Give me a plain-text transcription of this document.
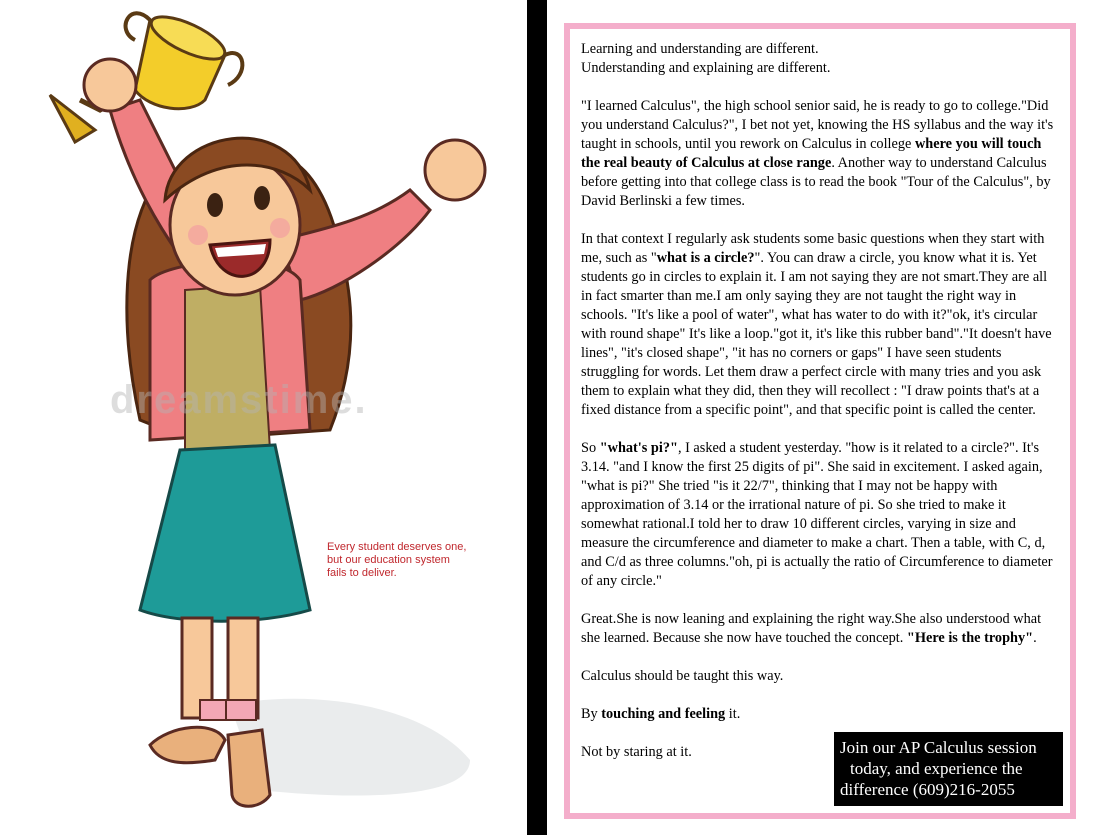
dreamstime.
Every student deserves one, but our education system fails to deliver.

Learning and understanding are different.
Understanding and explaining are different.

"I learned Calculus", the high school senior said, he is ready to go to college."Did you understand Calculus?", I bet not yet, knowing the HS syllabus and the way it's taught in schools, until you rework on Calculus in college where you will touch the real beauty of Calculus at close range. Another way to understand Calculus before getting into that college class is to read the book "Tour of the Calculus", by David Berlinski a few times.

In that context I regularly ask students some basic questions when they start with me, such as "what is a circle?". You can draw a circle, you know what it is. Yet students go in circles to explain it. I am not saying they are not smart.They are all in fact smarter than me.I am only saying they are not taught the right way in schools. "It's like a pool of water", what has water to do with it?"ok, it's circular with round shape" It's like a loop."got it, it's like this rubber band"."It doesn't have lines", "it's closed shape", "it has no corners or gaps" I have seen students struggling for words. Let them draw a perfect circle with many tries and you ask them to explain what they did, then they will recollect : "I draw points that's at a fixed distance from a specific point", and that specific point is called the center.

So "what's pi?", I asked a student yesterday. "how is it related to a circle?". It's 3.14. "and I know the first 25 digits of pi". She said in excitement. I asked again, "what is pi?" She tried "is it 22/7", thinking that I may not be happy with approximation of 3.14 or the irrational nature of pi. So she tried to make it somewhat rational.I told her to draw 10 different circles, varying in size and measure the circumference and diameter to make a chart. Then a table, with C, d, and C/d as three columns."oh, pi is actually the ratio of Circumference to diameter of any circle."

Great.She is now leaning and explaining the right way.She also understood what she learned. Because she now have touched the concept. "Here is the trophy".

Calculus should be taught this way.

By touching and feeling it.

Not by staring at it.	Join our AP Calculus session
today, and experience the
difference (609)216-2055
